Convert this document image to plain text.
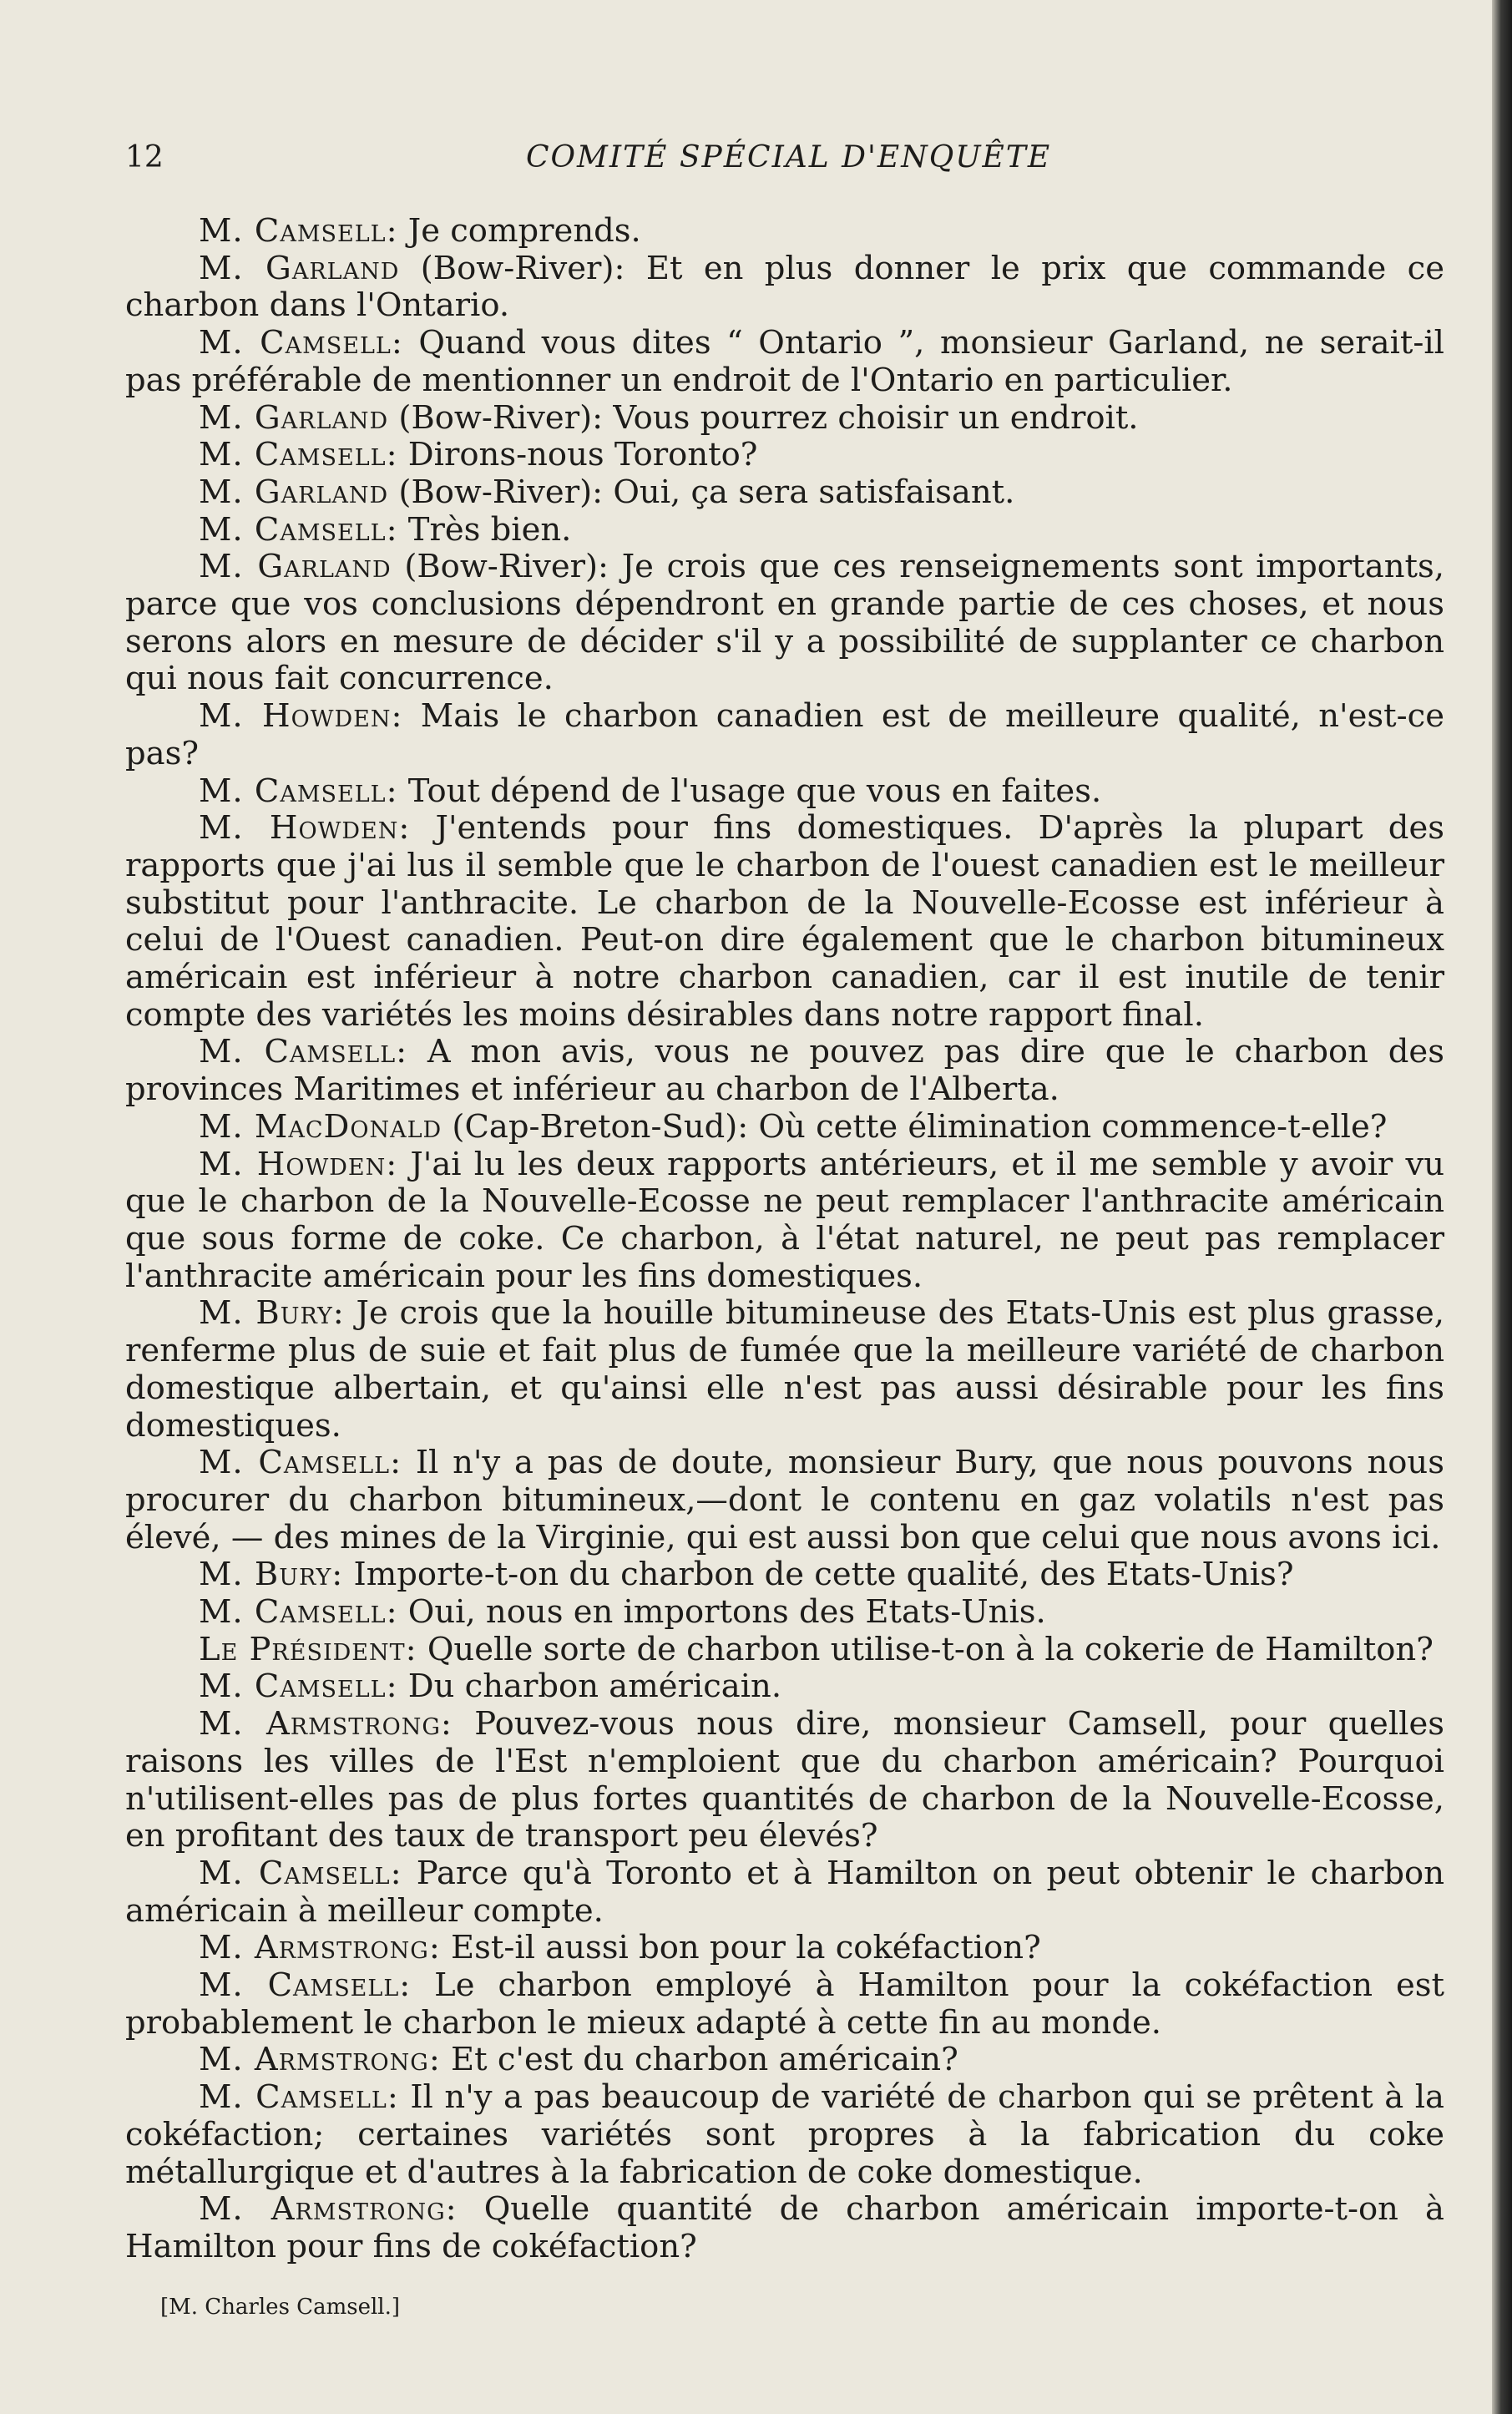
12	COMITÉ SPÉCIAL D'ENQUÊTE

M. Camsell: Je comprends.

M. Garland (Bow-River): Et en plus donner le prix que commande ce charbon dans l'Ontario.

M. Camsell: Quand vous dites “ Ontario ”, monsieur Garland, ne serait-il pas préférable de mentionner un endroit de l'Ontario en particulier.

M. Garland (Bow-River): Vous pourrez choisir un endroit.

M. Camsell: Dirons-nous Toronto?

M. Garland (Bow-River): Oui, ça sera satisfaisant.

M. Camsell: Très bien.

M. Garland (Bow-River): Je crois que ces renseignements sont importants, parce que vos conclusions dépendront en grande partie de ces choses, et nous serons alors en mesure de décider s'il y a possibilité de supplanter ce charbon qui nous fait concurrence.

M. Howden: Mais le charbon canadien est de meilleure qualité, n'est-ce pas?

M. Camsell: Tout dépend de l'usage que vous en faites.

M. Howden: J'entends pour fins domestiques. D'après la plupart des rapports que j'ai lus il semble que le charbon de l'ouest canadien est le meilleur substitut pour l'anthracite. Le charbon de la Nouvelle-Ecosse est inférieur à celui de l'Ouest canadien. Peut-on dire également que le charbon bitumineux américain est inférieur à notre charbon canadien, car il est inutile de tenir compte des variétés les moins désirables dans notre rapport final.

M. Camsell: A mon avis, vous ne pouvez pas dire que le charbon des provinces Maritimes et inférieur au charbon de l'Alberta.

M. MacDonald (Cap-Breton-Sud): Où cette élimination commence-t-elle?

M. Howden: J'ai lu les deux rapports antérieurs, et il me semble y avoir vu que le charbon de la Nouvelle-Ecosse ne peut remplacer l'anthracite américain que sous forme de coke. Ce charbon, à l'état naturel, ne peut pas remplacer l'anthracite américain pour les fins domestiques.

M. Bury: Je crois que la houille bitumineuse des Etats-Unis est plus grasse, renferme plus de suie et fait plus de fumée que la meilleure variété de charbon domestique albertain, et qu'ainsi elle n'est pas aussi désirable pour les fins domestiques.

M. Camsell: Il n'y a pas de doute, monsieur Bury, que nous pouvons nous procurer du charbon bitumineux,—dont le contenu en gaz volatils n'est pas élevé, — des mines de la Virginie, qui est aussi bon que celui que nous avons ici.

M. Bury: Importe-t-on du charbon de cette qualité, des Etats-Unis?

M. Camsell: Oui, nous en importons des Etats-Unis.

Le Président: Quelle sorte de charbon utilise-t-on à la cokerie de Hamilton?

M. Camsell: Du charbon américain.

M. Armstrong: Pouvez-vous nous dire, monsieur Camsell, pour quelles raisons les villes de l'Est n'emploient que du charbon américain? Pourquoi n'utilisent-elles pas de plus fortes quantités de charbon de la Nouvelle-Ecosse, en profitant des taux de transport peu élevés?

M. Camsell: Parce qu'à Toronto et à Hamilton on peut obtenir le charbon américain à meilleur compte.

M. Armstrong: Est-il aussi bon pour la cokéfaction?

M. Camsell: Le charbon employé à Hamilton pour la cokéfaction est probablement le charbon le mieux adapté à cette fin au monde.

M. Armstrong: Et c'est du charbon américain?

M. Camsell: Il n'y a pas beaucoup de variété de charbon qui se prêtent à la cokéfaction; certaines variétés sont propres à la fabrication du coke métallurgique et d'autres à la fabrication de coke domestique.

M. Armstrong: Quelle quantité de charbon américain importe-t-on à Hamilton pour fins de cokéfaction?

[M. Charles Camsell.]
